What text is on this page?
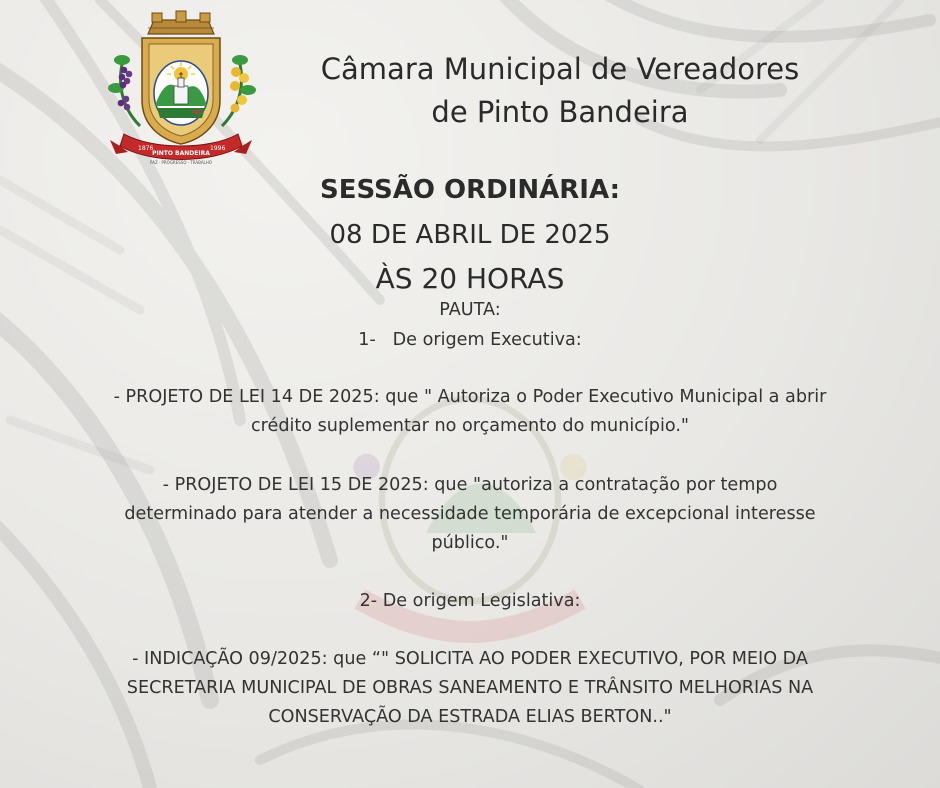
1876
PINTO BANDEIRA
1996
PAZ · PROGRESSO · TRABALHO
Câmara Municipal de Vereadores
de Pinto Bandeira
SESSÃO ORDINÁRIA:
08 DE ABRIL DE 2025
ÀS 20 HORAS
PAUTA:
1-   De origem Executiva:
- PROJETO DE LEI 14 DE 2025: que " Autoriza o Poder Executivo Municipal a abrir
crédito suplementar no orçamento do município."
- PROJETO DE LEI 15 DE 2025: que "autoriza a contratação por tempo
determinado para atender a necessidade temporária de excepcional interesse
público."
2- De origem Legislativa:
- INDICAÇÃO 09/2025: que “" SOLICITA AO PODER EXECUTIVO, POR MEIO DA
SECRETARIA MUNICIPAL DE OBRAS SANEAMENTO E TRÂNSITO MELHORIAS NA
CONSERVAÇÃO DA ESTRADA ELIAS BERTON.."
